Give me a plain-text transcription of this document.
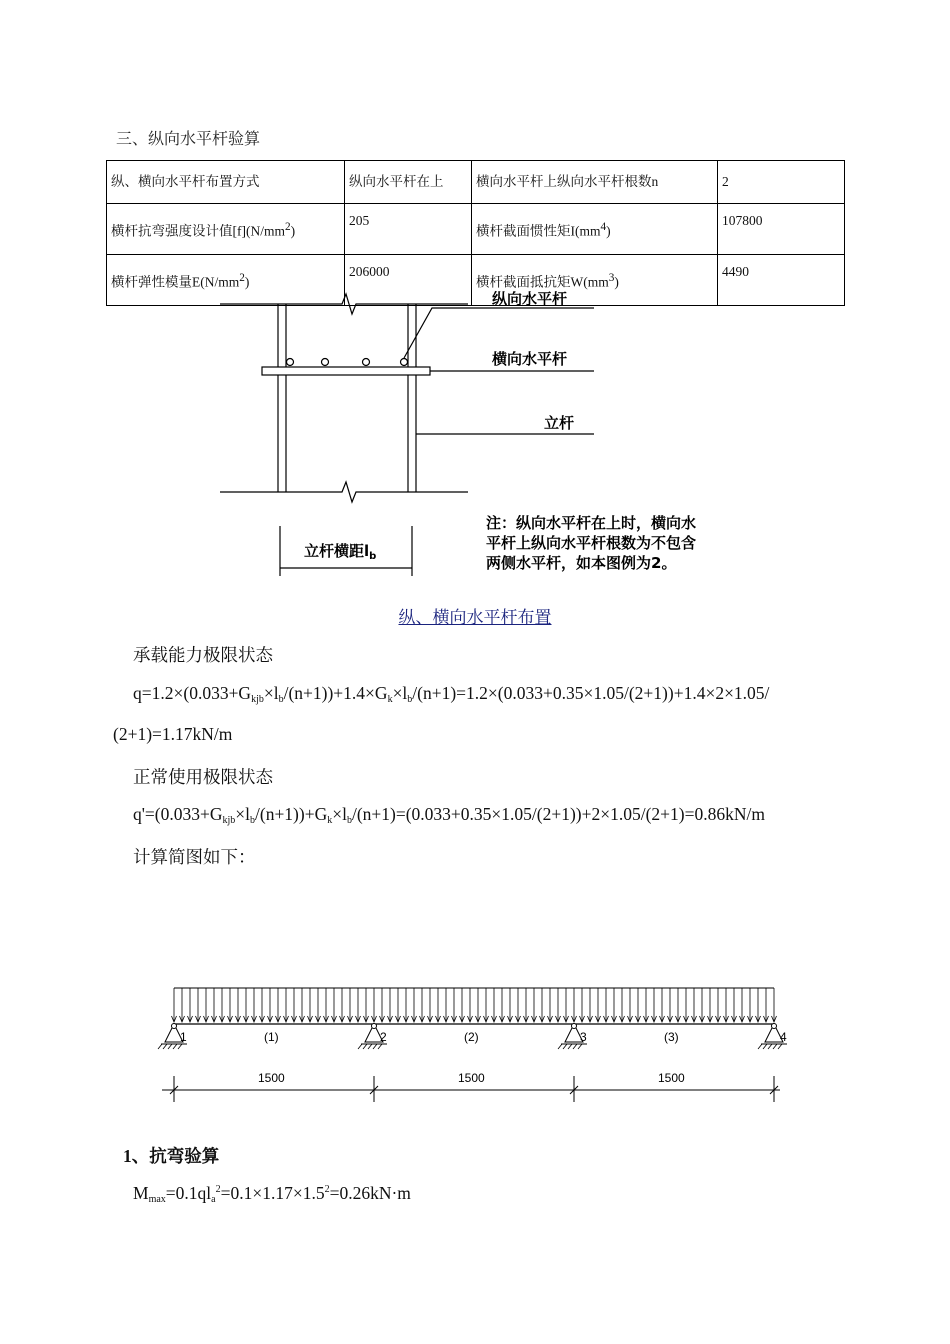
三、纵向水平杆验算
纵、横向水平杆布置方式	纵向水平杆在上	横向水平杆上纵向水平杆根数n	2
横杆抗弯强度设计值$[f](N/mm^2)$	205	横杆截面惯性矩$I(mm^4)$	107800
横杆弹性模量$E(N/mm^2)$	206000	横杆截面抵抗矩$W(mm^3)$	4490
纵向水平杆
横向水平杆
立杆
立杆横距$l_b$
注：纵向水平杆在上时，横向水
平杆上纵向水平杆根数为不包含
两侧水平杆，如本图例为2。
纵、横向水平杆布置
承载能力极限状态
$q=1.2\times(0.033+G_{kjb}\times l_b/(n+1))+1.4\times G_k\times l_b/(n+1)=1.2\times(0.033+0.35\times 1.05/(2+1))+1.4\times 2\times 1.05/$
(2+1)=1.17kN/m
正常使用极限状态
$q'=(0.033+G_{kjb}\times l_b/(n+1))+G_k\times l_b/(n+1)=(0.033+0.35\times 1.05/(2+1))+2\times 1.05/(2+1)=0.86kN/m$
计算简图如下：
1	2	3	4
(1)	(2)	(3)
1500	1500	1500
1、抗弯验算
$M_{max}=0.1ql_a^2=0.1\times 1.17\times 1.5^2=0.26kN\cdot m$
